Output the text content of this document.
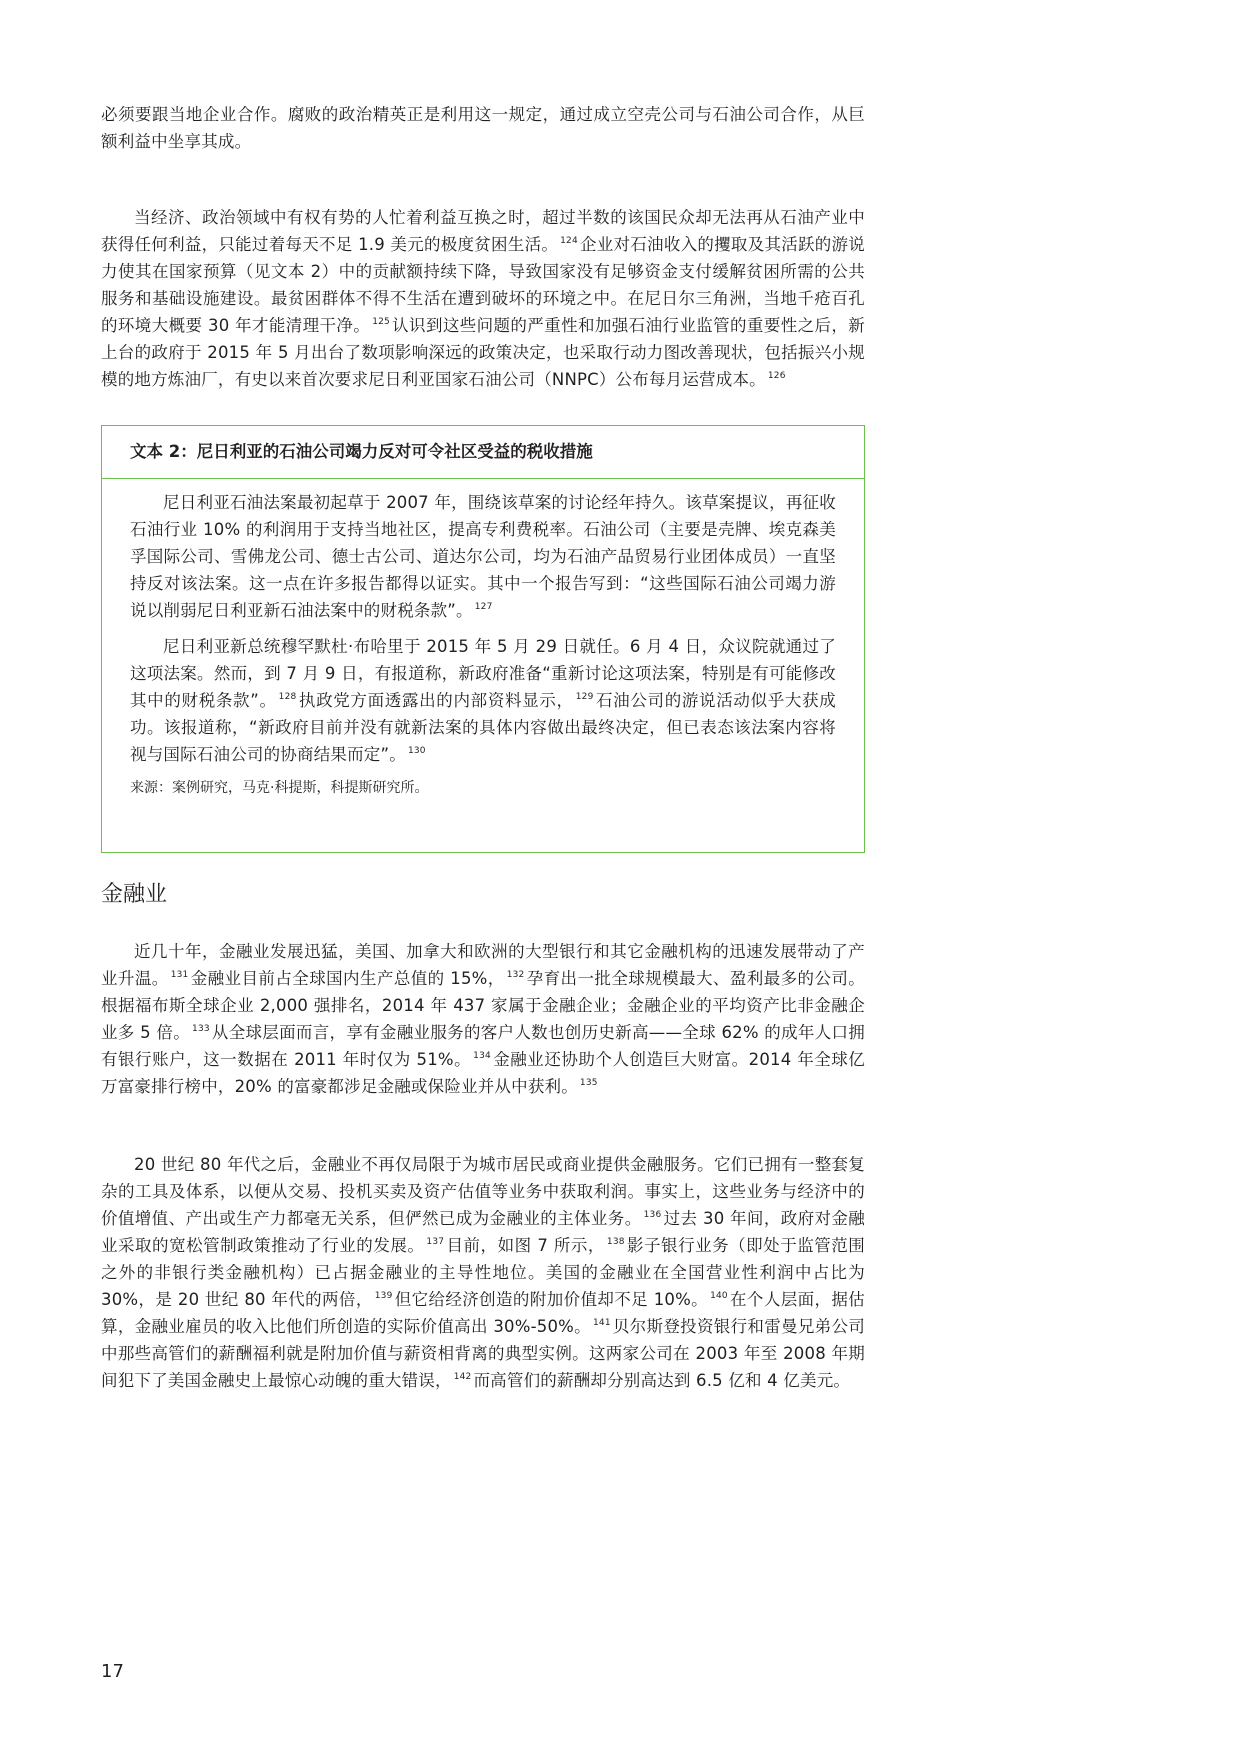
必须要跟当地企业合作。腐败的政治精英正是利用这一规定，通过成立空壳公司与石油公司合作，从巨额利益中坐享其成。

当经济、政治领域中有权有势的人忙着利益互换之时，超过半数的该国民众却无法再从石油产业中获得任何利益，只能过着每天不足 1.9 美元的极度贫困生活。 $^{124}$ 企业对石油收入的攫取及其活跃的游说力使其在国家预算（见文本 2）中的贡献额持续下降，导致国家没有足够资金支付缓解贫困所需的公共服务和基础设施建设。最贫困群体不得不生活在遭到破坏的环境之中。在尼日尔三角洲，当地千疮百孔的环境大概要 30 年才能清理干净。 $^{125}$ 认识到这些问题的严重性和加强石油行业监管的重要性之后，新上台的政府于 2015 年 5 月出台了数项影响深远的政策决定，也采取行动力图改善现状，包括振兴小规模的地方炼油厂，有史以来首次要求尼日利亚国家石油公司（NNPC）公布每月运营成本。 $^{126}$

文本 2：尼日利亚的石油公司竭力反对可令社区受益的税收措施

尼日利亚石油法案最初起草于 2007 年，围绕该草案的讨论经年持久。该草案提议，再征收石油行业 10% 的利润用于支持当地社区，提高专利费税率。石油公司（主要是壳牌、埃克森美孚国际公司、雪佛龙公司、德士古公司、道达尔公司，均为石油产品贸易行业团体成员）一直坚持反对该法案。这一点在许多报告都得以证实。其中一个报告写到：“这些国际石油公司竭力游说以削弱尼日利亚新石油法案中的财税条款”。 $^{127}$

尼日利亚新总统穆罕默杜·布哈里于 2015 年 5 月 29 日就任。6 月 4 日，众议院就通过了这项法案。然而，到 7 月 9 日，有报道称，新政府准备“重新讨论这项法案，特别是有可能修改其中的财税条款”。 $^{128}$ 执政党方面透露出的内部资料显示， $^{129}$ 石油公司的游说活动似乎大获成功。该报道称，“新政府目前并没有就新法案的具体内容做出最终决定，但已表态该法案内容将视与国际石油公司的协商结果而定”。 $^{130}$

来源：案例研究，马克·科提斯，科提斯研究所。
金融业

近几十年，金融业发展迅猛，美国、加拿大和欧洲的大型银行和其它金融机构的迅速发展带动了产业升温。 $^{131}$ 金融业目前占全球国内生产总值的 15%， $^{132}$ 孕育出一批全球规模最大、盈利最多的公司。根据福布斯全球企业 2,000 强排名，2014 年 437 家属于金融企业；金融企业的平均资产比非金融企业多 5 倍。 $^{133}$ 从全球层面而言，享有金融业服务的客户人数也创历史新高——全球 62% 的成年人口拥有银行账户，这一数据在 2011 年时仅为 51%。 $^{134}$ 金融业还协助个人创造巨大财富。2014 年全球亿万富豪排行榜中，20% 的富豪都涉足金融或保险业并从中获利。 $^{135}$

20 世纪 80 年代之后，金融业不再仅局限于为城市居民或商业提供金融服务。它们已拥有一整套复杂的工具及体系，以便从交易、投机买卖及资产估值等业务中获取利润。事实上，这些业务与经济中的价值增值、产出或生产力都毫无关系，但俨然已成为金融业的主体业务。 $^{136}$ 过去 30 年间，政府对金融业采取的宽松管制政策推动了行业的发展。 $^{137}$ 目前，如图 7 所示， $^{138}$ 影子银行业务（即处于监管范围之外的非银行类金融机构）已占据金融业的主导性地位。美国的金融业在全国营业性利润中占比为 30%，是 20 世纪 80 年代的两倍， $^{139}$ 但它给经济创造的附加价值却不足 10%。 $^{140}$ 在个人层面，据估算，金融业雇员的收入比他们所创造的实际价值高出 30%-50%。 $^{141}$ 贝尔斯登投资银行和雷曼兄弟公司中那些高管们的薪酬福利就是附加价值与薪资相背离的典型实例。这两家公司在 2003 年至 2008 年期间犯下了美国金融史上最惊心动魄的重大错误， $^{142}$ 而高管们的薪酬却分别高达到 6.5 亿和 4 亿美元。

17
